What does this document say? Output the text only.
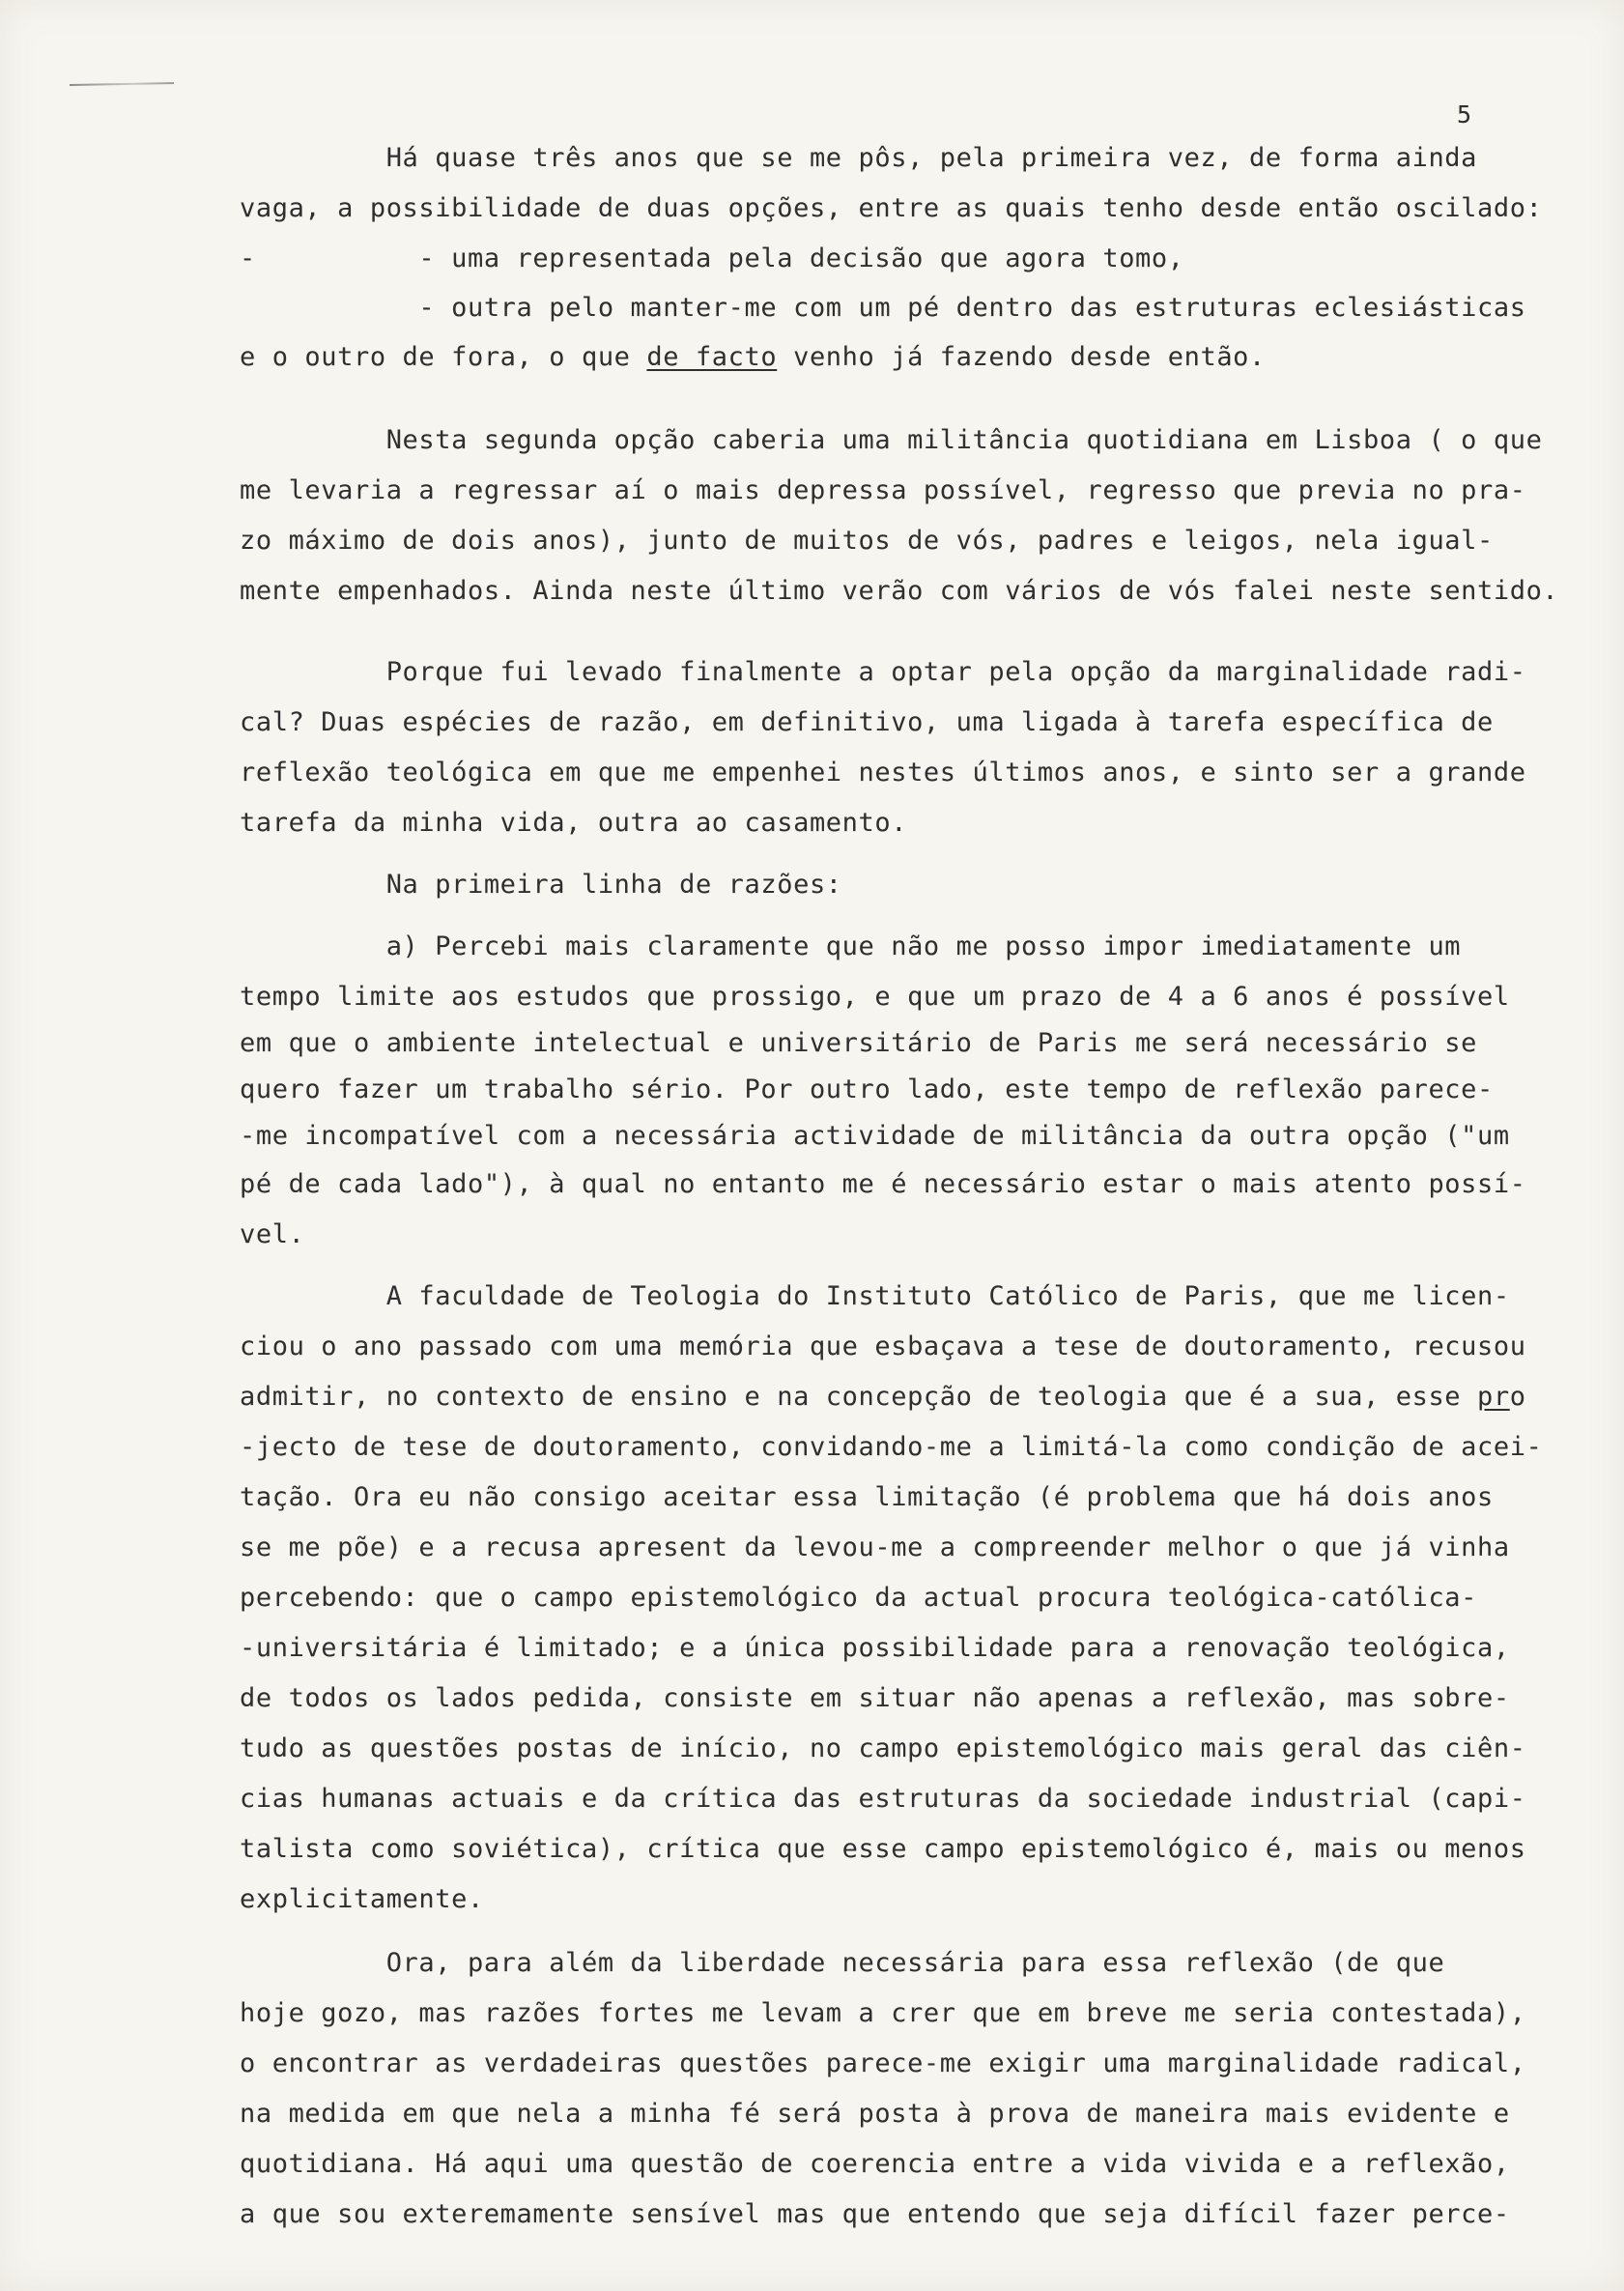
5
Há quase três anos que se me pôs, pela primeira vez, de forma ainda
vaga, a possibilidade de duas opções, entre as quais tenho desde então oscilado:
-          - uma representada pela decisão que agora tomo,
- outra pelo manter-me com um pé dentro das estruturas eclesiásticas
e o outro de fora, o que de facto venho já fazendo desde então.
Nesta segunda opção caberia uma militância quotidiana em Lisboa ( o que
me levaria a regressar aí o mais depressa possível, regresso que previa no pra-
zo máximo de dois anos), junto de muitos de vós, padres e leigos, nela igual-
mente empenhados. Ainda neste último verão com vários de vós falei neste sentido.
Porque fui levado finalmente a optar pela opção da marginalidade radi-
cal? Duas espécies de razão, em definitivo, uma ligada à tarefa específica de
reflexão teológica em que me empenhei nestes últimos anos, e sinto ser a grande
tarefa da minha vida, outra ao casamento.
Na primeira linha de razões:
a) Percebi mais claramente que não me posso impor imediatamente um
tempo limite aos estudos que prossigo, e que um prazo de 4 a 6 anos é possível
em que o ambiente intelectual e universitário de Paris me será necessário se
quero fazer um trabalho sério. Por outro lado, este tempo de reflexão parece-
-me incompatível com a necessária actividade de militância da outra opção ("um
pé de cada lado"), à qual no entanto me é necessário estar o mais atento possí-
vel.
A faculdade de Teologia do Instituto Católico de Paris, que me licen-
ciou o ano passado com uma memória que esbaçava a tese de doutoramento, recusou
admitir, no contexto de ensino e na concepção de teologia que é a sua, esse pro
-jecto de tese de doutoramento, convidando-me a limitá-la como condição de acei-
tação. Ora eu não consigo aceitar essa limitação (é problema que há dois anos
se me põe) e a recusa apresent da levou-me a compreender melhor o que já vinha
percebendo: que o campo epistemológico da actual procura teológica-católica-
-universitária é limitado; e a única possibilidade para a renovação teológica,
de todos os lados pedida, consiste em situar não apenas a reflexão, mas sobre-
tudo as questões postas de início, no campo epistemológico mais geral das ciên-
cias humanas actuais e da crítica das estruturas da sociedade industrial (capi-
talista como soviética), crítica que esse campo epistemológico é, mais ou menos
explicitamente.
Ora, para além da liberdade necessária para essa reflexão (de que
hoje gozo, mas razões fortes me levam a crer que em breve me seria contestada),
o encontrar as verdadeiras questões parece-me exigir uma marginalidade radical,
na medida em que nela a minha fé será posta à prova de maneira mais evidente e
quotidiana. Há aqui uma questão de coerencia entre a vida vivida e a reflexão,
a que sou exteremamente sensível mas que entendo que seja difícil fazer perce-
